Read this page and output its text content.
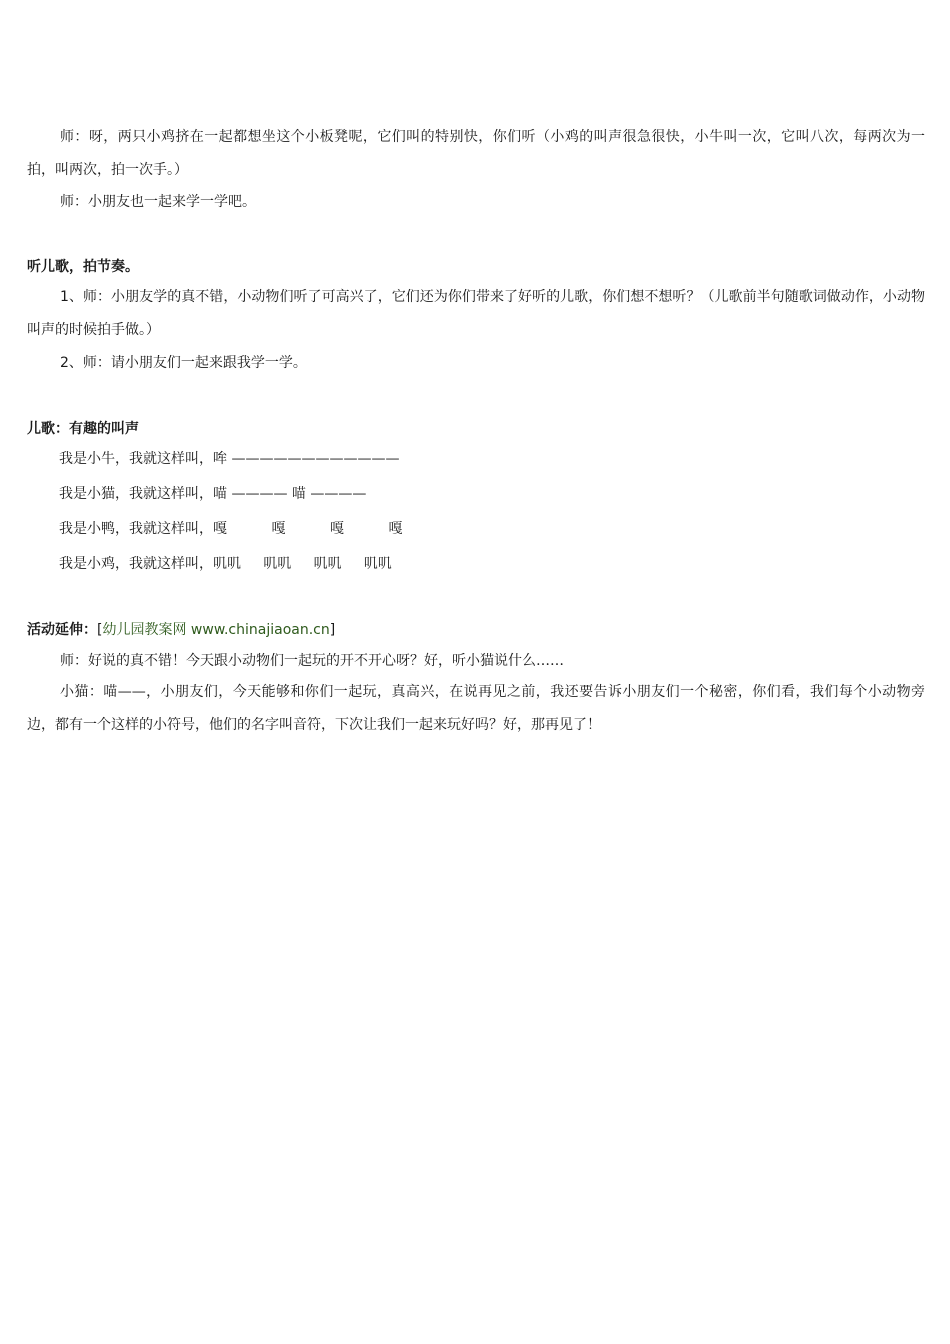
师：呀，两只小鸡挤在一起都想坐这个小板凳呢，它们叫的特别快，你们听（小鸡的叫声很急很快，小牛叫一次，它叫八次，每两次为一拍，叫两次，拍一次手。）

师：小朋友也一起来学一学吧。

听儿歌，拍节奏。

1、师：小朋友学的真不错，小动物们听了可高兴了，它们还为你们带来了好听的儿歌，你们想不想听？（儿歌前半句随歌词做动作，小动物叫声的时候拍手做。）

2、师：请小朋友们一起来跟我学一学。

儿歌：有趣的叫声
我是小牛，我就这样叫，哞 ————————————
我是小猫，我就这样叫，喵 ———— 喵 ————
我是小鸭，我就这样叫，嘎          嘎          嘎          嘎
我是小鸡，我就这样叫，叽叽     叽叽     叽叽     叽叽
活动延伸：[幼儿园教案网 www.chinajiaoan.cn]

师：好说的真不错！今天跟小动物们一起玩的开不开心呀？好，听小猫说什么……

小猫：喵——，小朋友们，今天能够和你们一起玩，真高兴，在说再见之前，我还要告诉小朋友们一个秘密，你们看，我们每个小动物旁边，都有一个这样的小符号，他们的名字叫音符，下次让我们一起来玩好吗？好，那再见了！
